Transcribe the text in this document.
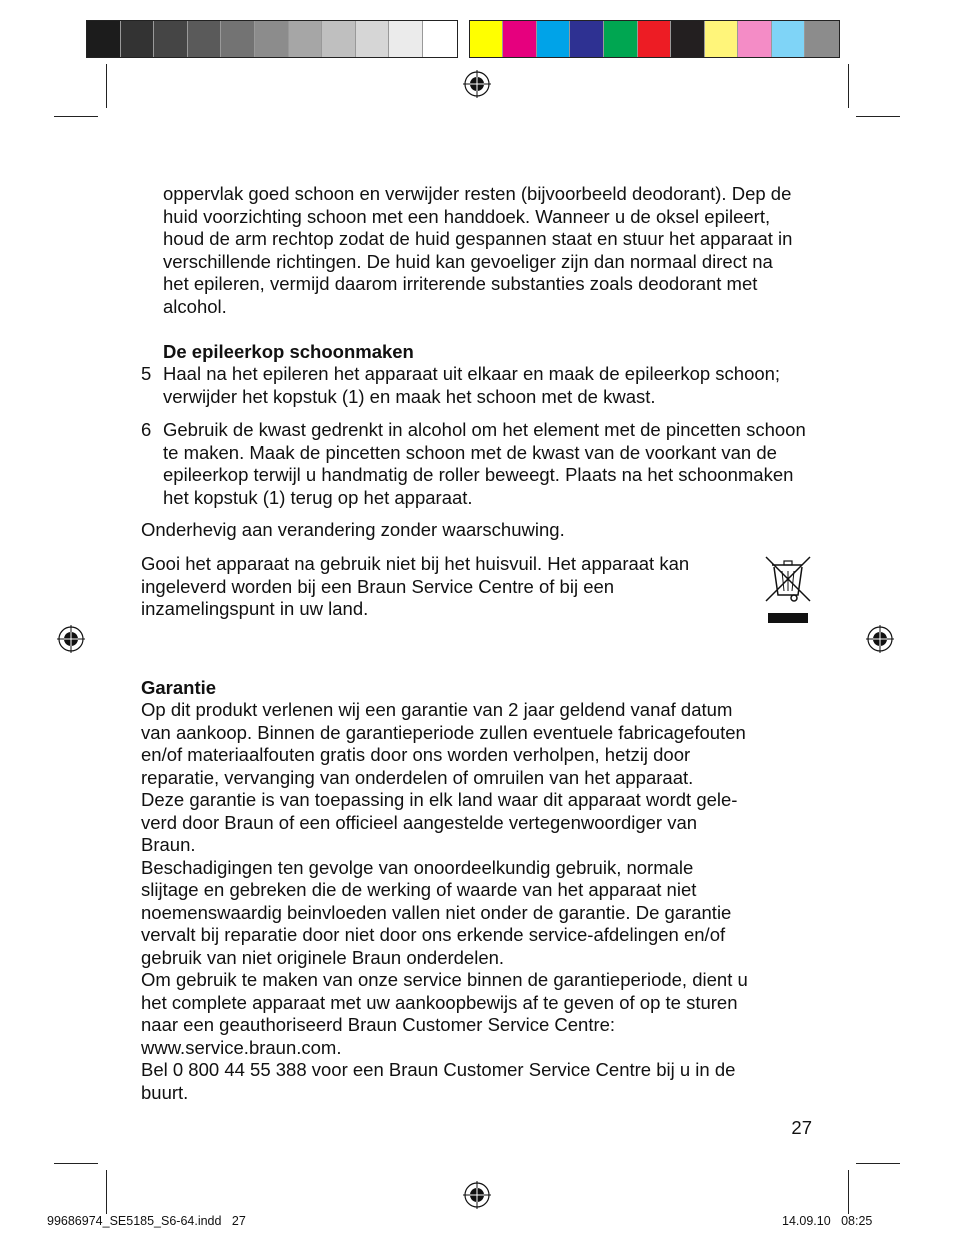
oppervlak goed schoon en verwijder resten (bijvoorbeeld deodorant). Dep de huid voorzichting schoon met een handdoek. Wanneer u de oksel epileert, houd de arm rechtop zodat de huid gespannen staat en stuur het apparaat in verschillende richtingen. De huid kan gevoeliger zijn dan normaal direct na het epileren, vermijd daarom irriterende substanties zoals deodorant met alcohol.
De epileerkop schoonmaken
5 Haal na het epileren het apparaat uit elkaar en maak de epileerkop schoon; verwijder het kopstuk (1) en maak het schoon met de kwast.
6 Gebruik de kwast gedrenkt in alcohol om het element met de pincetten schoon te maken. Maak de pincetten schoon met de kwast van de voorkant van de epileerkop terwijl u handmatig de roller beweegt. Plaats na het schoonmaken het kopstuk (1) terug op het apparaat.
Onderhevig aan verandering zonder waarschuwing.
Gooi het apparaat na gebruik niet bij het huisvuil. Het apparaat kan ingeleverd worden bij een Braun Service Centre of bij een inzamelingspunt in uw land.
Garantie

Op dit produkt verlenen wij een garantie van 2 jaar geldend vanaf datum

van aankoop. Binnen de garantieperiode zullen eventuele fabricagefouten

en/of materiaalfouten gratis door ons worden verholpen, hetzij door

reparatie, vervanging van onderdelen of omruilen van het apparaat.

Deze garantie is van toepassing in elk land waar dit apparaat wordt gele-

verd door Braun of een officieel aangestelde vertegenwoordiger van

Braun.

Beschadigingen ten gevolge van onoordeelkundig gebruik, normale

slijtage en gebreken die de werking of waarde van het apparaat niet

noemenswaardig beinvloeden vallen niet onder de garantie. De garantie

vervalt bij reparatie door niet door ons erkende service-afdelingen en/of

gebruik van niet originele Braun onderdelen.

Om gebruik te maken van onze service binnen de garantieperiode, dient u

het complete apparaat met uw aankoopbewijs af te geven of op te sturen

naar een geauthoriseerd Braun Customer Service Centre:

www.service.braun.com.

Bel 0 800 44 55 388 voor een Braun Customer Service Centre bij u in de

buurt.

27
99686974_SE5185_S6-64.indd   27	14.09.10   08:25
